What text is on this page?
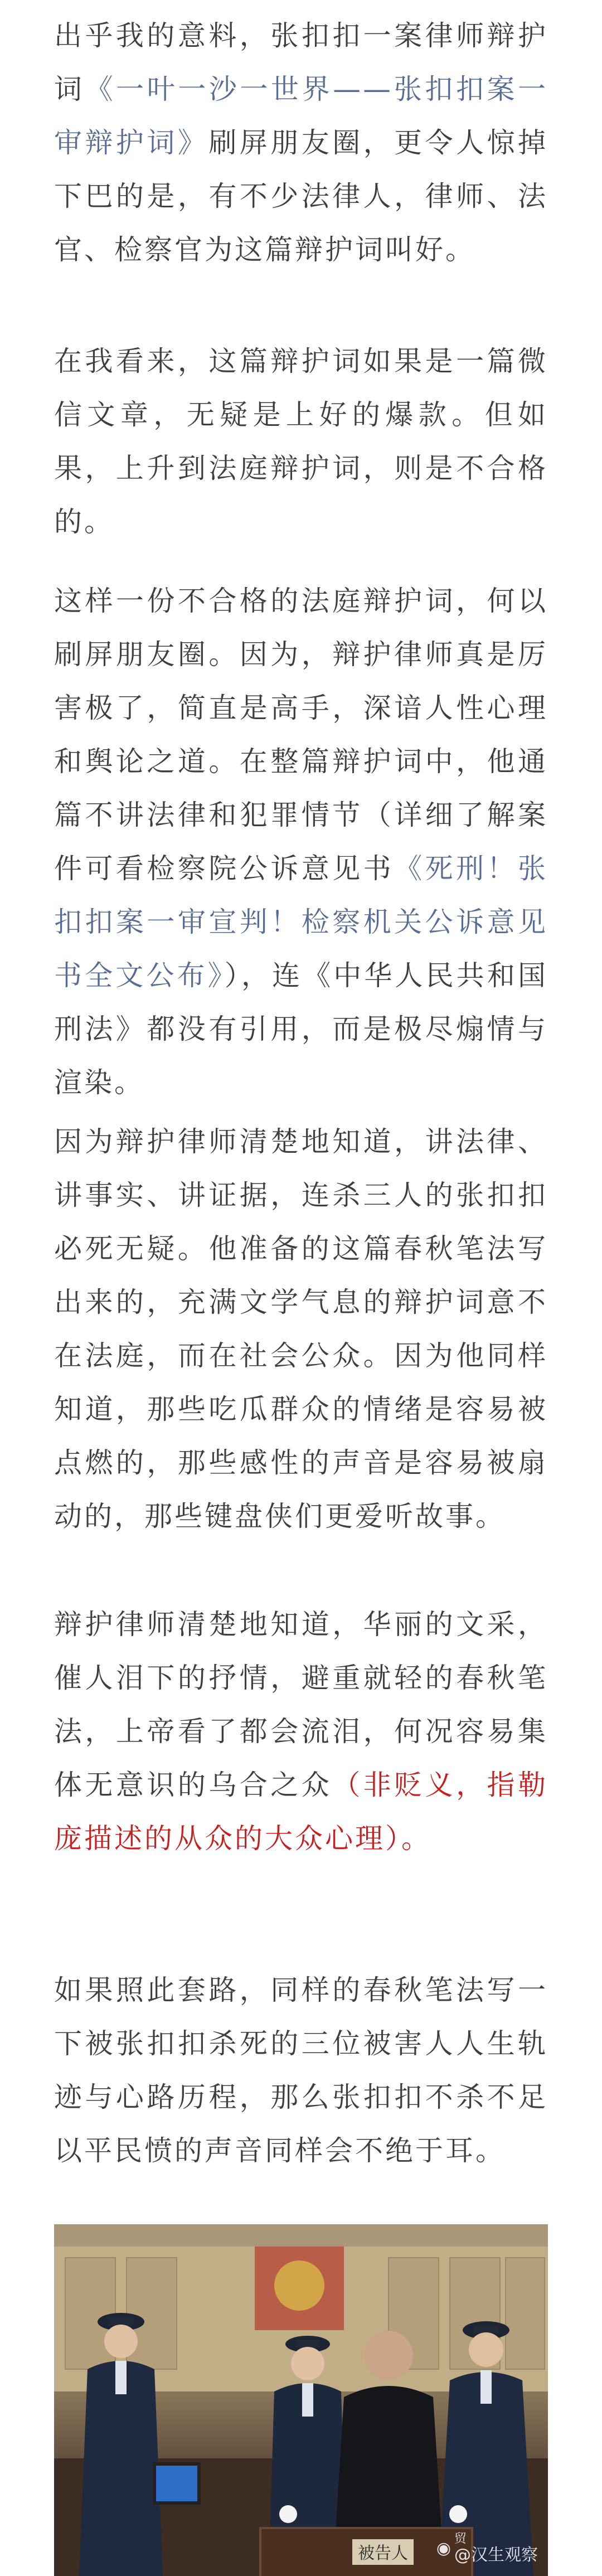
出乎我的意料，张扣扣一案律师辩护词《一叶一沙一世界——张扣扣案一审辩护词》刷屏朋友圈，更令人惊掉下巴的是，有不少法律人，律师、法官、检察官为这篇辩护词叫好。

在我看来，这篇辩护词如果是一篇微信文章，无疑是上好的爆款。但如果，上升到法庭辩护词，则是不合格的。

这样一份不合格的法庭辩护词，何以刷屏朋友圈。因为，辩护律师真是厉害极了，简直是高手，深谙人性心理和舆论之道。在整篇辩护词中，他通篇不讲法律和犯罪情节（详细了解案件可看检察院公诉意见书《死刑！张扣扣案一审宣判！检察机关公诉意见书全文公布》），连《中华人民共和国刑法》都没有引用，而是极尽煽情与渲染。

因为辩护律师清楚地知道，讲法律、讲事实、讲证据，连杀三人的张扣扣必死无疑。他准备的这篇春秋笔法写出来的，充满文学气息的辩护词意不在法庭，而在社会公众。因为他同样知道，那些吃瓜群众的情绪是容易被点燃的，那些感性的声音是容易被扇动的，那些键盘侠们更爱听故事。

辩护律师清楚地知道，华丽的文采，催人泪下的抒情，避重就轻的春秋笔法，上帝看了都会流泪，何况容易集体无意识的乌合之众（非贬义，指勒庞描述的从众的大众心理）。

如果照此套路，同样的春秋笔法写一下被张扣扣杀死的三位被害人人生轨迹与心路历程，那么张扣扣不杀不足以平民愤的声音同样会不绝于耳。

被告人 ◉ 贸
@汉生观察
